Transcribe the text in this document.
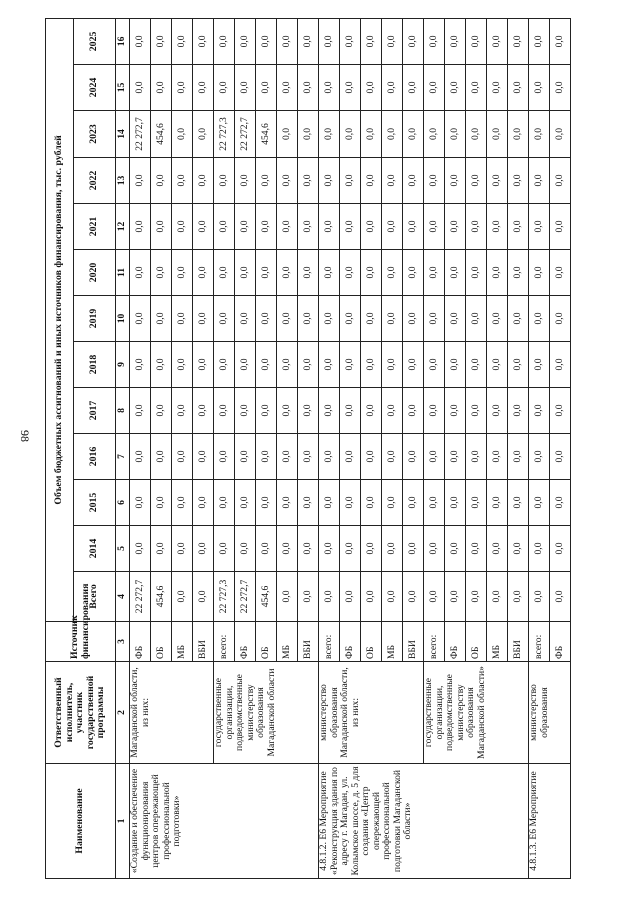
98
Наименование	Ответственный исполнитель, участник государственной программы	Источник финансирования	Объем бюджетных ассигнований и иных источников финансирования, тыс. рублей												
			Всего	2014	2015	2016	2017	2018	2019	2020	2021	2022	2023	2024	2025
1	2	3	4	5	6	7	8	9	10	11	12	13	14	15	16
«Создание и обеспечение функционирования центров опережающей профессиональной подготовки»	Магаданской области, из них:	ФБ	22 272,7	0,0	0,0	0,0	0,0	0,0	0,0	0,0	0,0	0,0	22 272,7	0,0	0,0
		ОБ	454,6	0,0	0,0	0,0	0,0	0,0	0,0	0,0	0,0	0,0	454,6	0,0	0,0
		МБ	0,0	0,0	0,0	0,0	0,0	0,0	0,0	0,0	0,0	0,0	0,0	0,0	0,0
		ВБИ	0,0	0,0	0,0	0,0	0,0	0,0	0,0	0,0	0,0	0,0	0,0	0,0	0,0
	государственные организации, подведомственные министерству образования Магаданской области	всего:	22 727,3	0,0	0,0	0,0	0,0	0,0	0,0	0,0	0,0	0,0	22 727,3	0,0	0,0
		ФБ	22 272,7	0,0	0,0	0,0	0,0	0,0	0,0	0,0	0,0	0,0	22 272,7	0,0	0,0
		ОБ	454,6	0,0	0,0	0,0	0,0	0,0	0,0	0,0	0,0	0,0	454,6	0,0	0,0
		МБ	0,0	0,0	0,0	0,0	0,0	0,0	0,0	0,0	0,0	0,0	0,0	0,0	0,0
		ВБИ	0,0	0,0	0,0	0,0	0,0	0,0	0,0	0,0	0,0	0,0	0,0	0,0	0,0
4.8.1.2. Е6 Мероприятие «Реконструкция здания по адресу г. Магадан, ул. Колымское шоссе, д. 5 для создания «Центр опережающей профессиональной подготовки Магаданской области»	министерство образования Магаданской области, из них:	всего:	0,0	0,0	0,0	0,0	0,0	0,0	0,0	0,0	0,0	0,0	0,0	0,0	0,0
		ФБ	0,0	0,0	0,0	0,0	0,0	0,0	0,0	0,0	0,0	0,0	0,0	0,0	0,0
		ОБ	0,0	0,0	0,0	0,0	0,0	0,0	0,0	0,0	0,0	0,0	0,0	0,0	0,0
		МБ	0,0	0,0	0,0	0,0	0,0	0,0	0,0	0,0	0,0	0,0	0,0	0,0	0,0
		ВБИ	0,0	0,0	0,0	0,0	0,0	0,0	0,0	0,0	0,0	0,0	0,0	0,0	0,0
	государственные организации, подведомственные министерству образования Магаданской области»	всего:	0,0	0,0	0,0	0,0	0,0	0,0	0,0	0,0	0,0	0,0	0,0	0,0	0,0
		ФБ	0,0	0,0	0,0	0,0	0,0	0,0	0,0	0,0	0,0	0,0	0,0	0,0	0,0
		ОБ	0,0	0,0	0,0	0,0	0,0	0,0	0,0	0,0	0,0	0,0	0,0	0,0	0,0
		МБ	0,0	0,0	0,0	0,0	0,0	0,0	0,0	0,0	0,0	0,0	0,0	0,0	0,0
		ВБИ	0,0	0,0	0,0	0,0	0,0	0,0	0,0	0,0	0,0	0,0	0,0	0,0	0,0
4.8.1.3. Е6 Мероприятие	министерство образования	всего:	0,0	0,0	0,0	0,0	0,0	0,0	0,0	0,0	0,0	0,0	0,0	0,0	0,0
		ФБ	0,0	0,0	0,0	0,0	0,0	0,0	0,0	0,0	0,0	0,0	0,0	0,0	0,0
